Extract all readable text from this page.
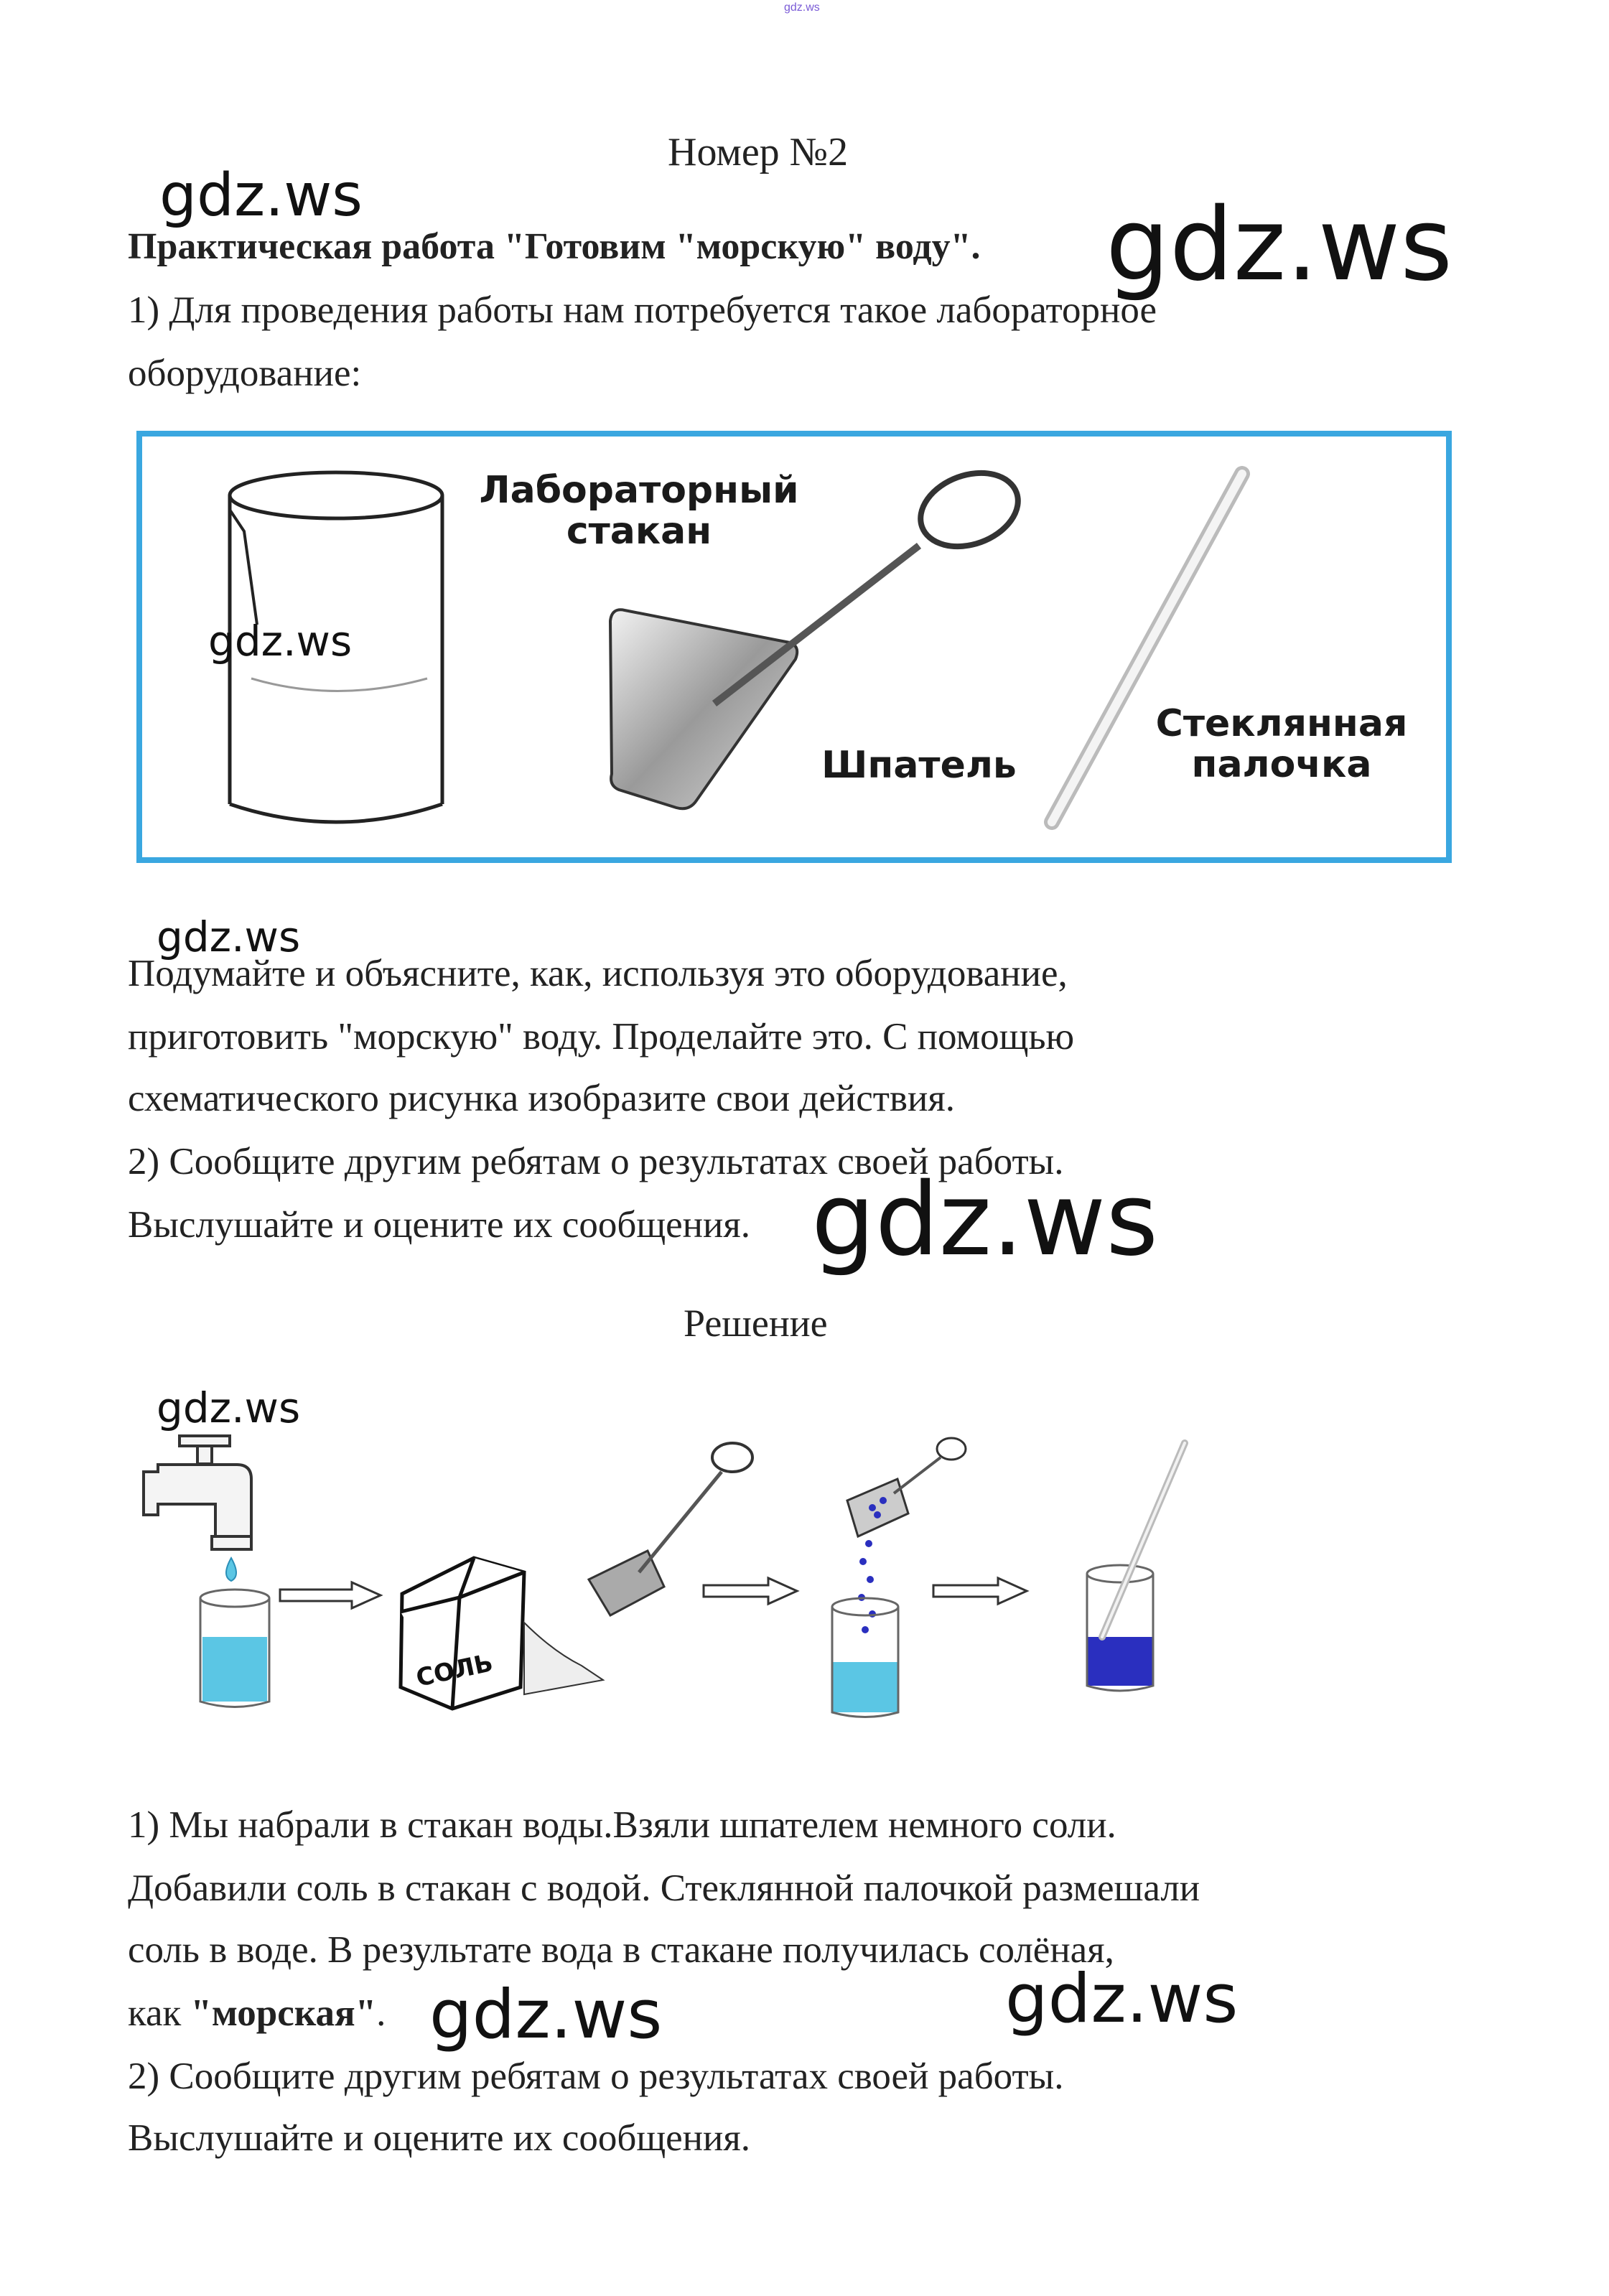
gdz.ws
Номер №2
gdz.ws	gdz.ws
Практическая работа "Готовим "морскую" воду".
1) Для проведения работы нам потребуется такое лабораторное
оборудование:
Лабораторный
стакан
Шпатель
Стеклянная
палочка
gdz.ws
gdz.ws
Подумайте и объясните, как, используя это оборудование,
приготовить "морскую" воду. Проделайте это. С помощью
схематического рисунка изобразите свои действия.
2) Сообщите другим ребятам о результатах своей работы.
Выслушайте и оцените их сообщения. gdz.ws
Решение
gdz.ws
СОЛЬ
1) Мы набрали в стакан воды.Взяли шпателем немного соли.
Добавили соль в стакан с водой. Стеклянной палочкой размешали
соль в воде. В результате вода в стакане получилась солёная,
как "морская". gdz.ws	gdz.ws
2) Сообщите другим ребятам о результатах своей работы.
Выслушайте и оцените их сообщения.
